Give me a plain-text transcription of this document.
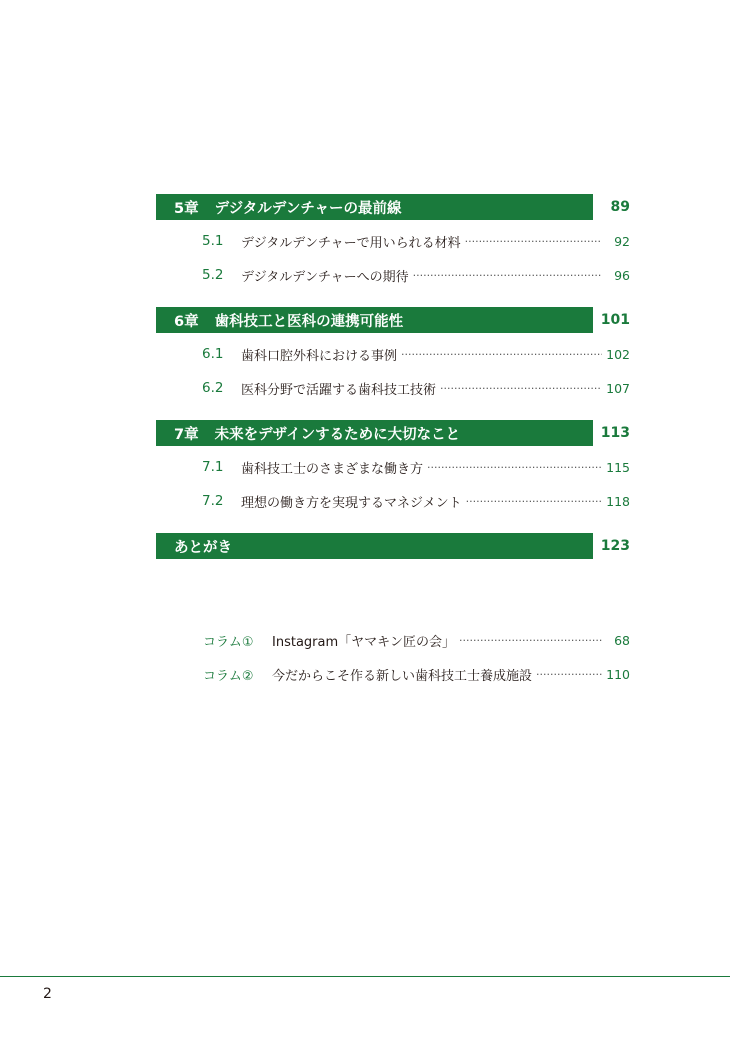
5章 デジタルデンチャーの最前線	89
5.1	デジタルデンチャーで用いられる材料 ·····	92
5.2	デジタルデンチャーへの期待 ·····	96
6章 歯科技工と医科の連携可能性	101
6.1	歯科口腔外科における事例 ·····	102
6.2	医科分野で活躍する歯科技工技術 ·····	107
7章 未来をデザインするために大切なこと	113
7.1	歯科技工士のさまざまな働き方 ·····	115
7.2	理想の働き方を実現するマネジメント ·····	118
あとがき	123
コラム①	Instagram「ヤマキン匠の会」 ·····	68
コラム②	今だからこそ作る新しい歯科技工士養成施設 ·····	110
2
